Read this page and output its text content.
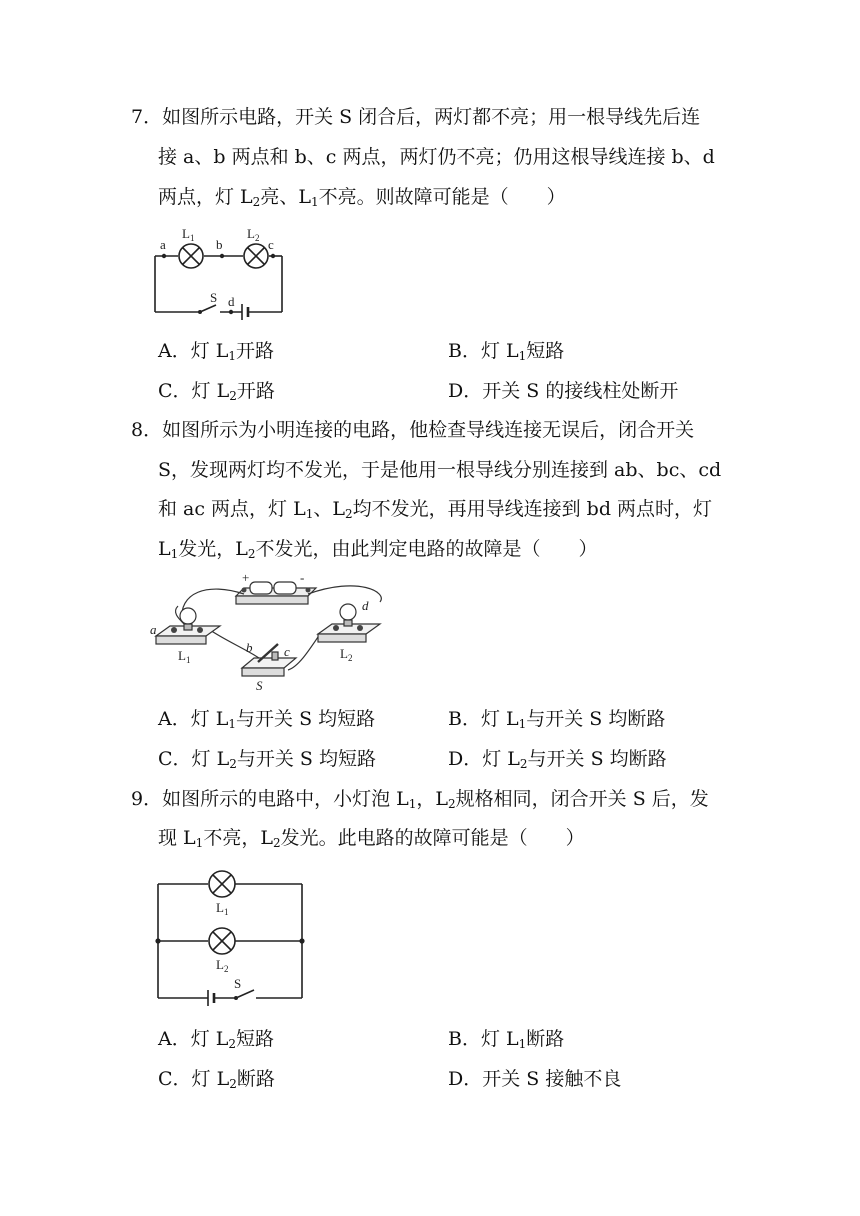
7．如图所示电路，开关 S 闭合后，两灯都不亮；用一根导线先后连
接 a、b 两点和 b、c 两点，两灯仍不亮；仍用这根导线连接 b、d
两点，灯 $L_2$亮、$L_1$不亮。则故障可能是（　　）
a	b	c
d
S
$L_1$	$L_2$
A．灯 $L_1$开路	B．灯 $L_1$短路
C．灯 $L_2$开路	D．开关 S 的接线柱处断开
8．如图所示为小明连接的电路，他检查导线连接无误后，闭合开关
S，发现两灯均不发光，于是他用一根导线分别连接到 ab、bc、cd
和 ac 两点，灯 $L_1$、$L_2$均不发光，再用导线连接到 bd 两点时，灯
$L_1$发光，$L_2$不发光，由此判定电路的故障是（　　）
+	-
a
b c
d
S
$L_1$	$L_2$
A．灯 $L_1$与开关 S 均短路	B．灯 $L_1$与开关 S 均断路
C．灯 $L_2$与开关 S 均短路	D．灯 $L_2$与开关 S 均断路
9．如图所示的电路中，小灯泡 $L_1$，$L_2$规格相同，闭合开关 S 后，发
现 $L_1$不亮，$L_2$发光。此电路的故障可能是（　　）
$L_1$
$L_2$
S
A．灯 $L_2$短路	B．灯 $L_1$断路
C．灯 $L_2$断路	D．开关 S 接触不良
